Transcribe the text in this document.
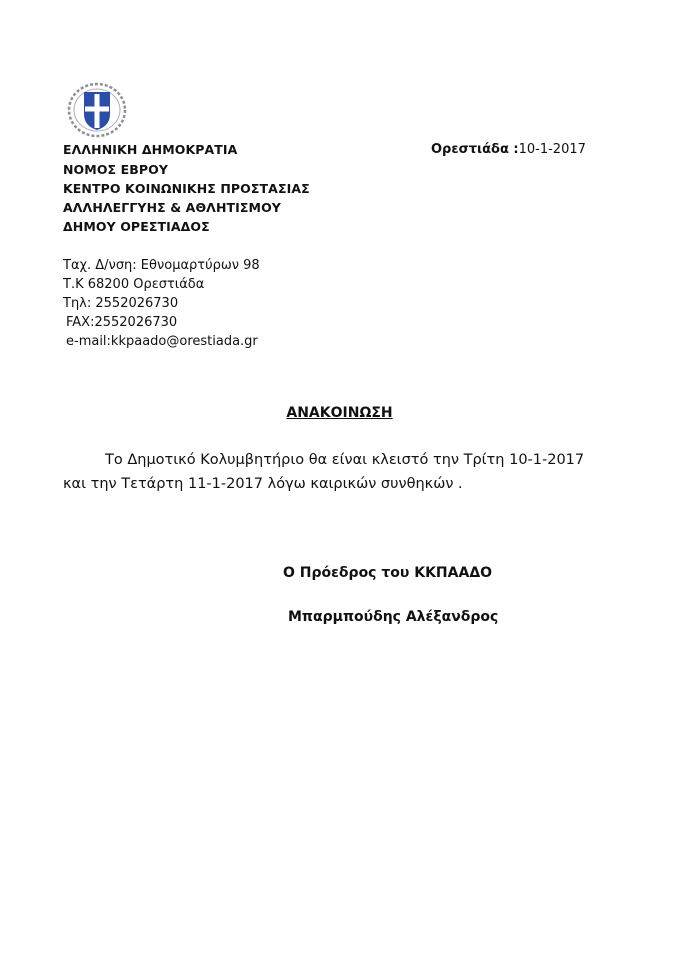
ΕΛΛΗΝΙΚΗ ΔΗΜΟΚΡΑΤΙΑ
ΝΟΜΟΣ ΕΒΡΟΥ
ΚΕΝΤΡΟ ΚΟΙΝΩΝΙΚΗΣ ΠΡΟΣΤΑΣΙΑΣ
ΑΛΛΗΛΕΓΓΥΗΣ & ΑΘΛΗΤΙΣΜΟΥ
ΔΗΜΟΥ ΟΡΕΣΤΙΑΔΟΣ
Ορεστιάδα :10-1-2017
Ταχ. Δ/νση: Εθνομαρτύρων 98
Τ.Κ 68200 Ορεστιάδα
Τηλ: 2552026730
FAX:2552026730
e-mail:kkpaado@orestiada.gr
ΑΝΑΚΟΙΝΩΣΗ
Το Δημοτικό Κολυμβητήριο θα είναι κλειστό την Τρίτη 10-1-2017
και την Τετάρτη 11-1-2017 λόγω καιρικών συνθηκών .
Ο Πρόεδρος του ΚΚΠΑΑΔΟ
Μπαρμπούδης Αλέξανδρος
